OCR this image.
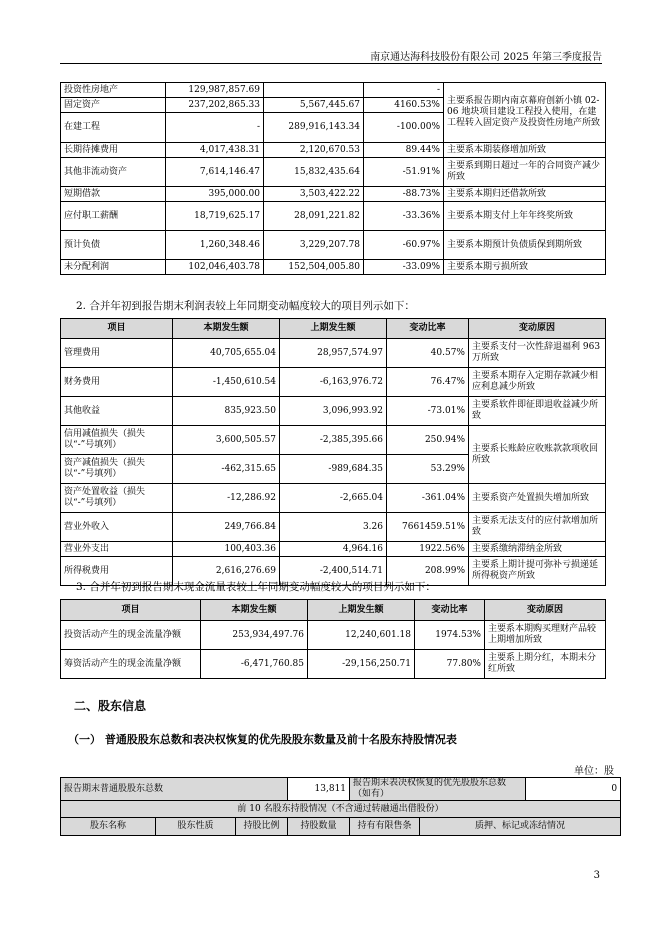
南京通达海科技股份有限公司 2025 年第三季度报告
投资性房地产	129,987,857.69		-	主要系报告期内南京幕府创新小镇 02-06 地块项目建设工程投入使用，在建工程转入固定资产及投资性房地产所致
固定资产	237,202,865.33	5,567,445.67	4160.53%	
在建工程	-	289,916,143.34	-100.00%	
长期待摊费用	4,017,438.31	2,120,670.53	89.44%	主要系本期装修增加所致
其他非流动资产	7,614,146.47	15,832,435.64	-51.91%	主要系到期日超过一年的合同资产减少所致
短期借款	395,000.00	3,503,422.22	-88.73%	主要系本期归还借款所致
应付职工薪酬	18,719,625.17	28,091,221.82	-33.36%	主要系本期支付上年年终奖所致
预计负债	1,260,348.46	3,229,207.78	-60.97%	主要系本期预计负债质保到期所致
未分配利润	102,046,403.78	152,504,005.80	-33.09%	主要系本期亏损所致
2. 合并年初到报告期末利润表较上年同期变动幅度较大的项目列示如下：
项目	本期发生额	上期发生额	变动比率	变动原因
管理费用	40,705,655.04	28,957,574.97	40.57%	主要系支付一次性辞退福利 963 万所致
财务费用	-1,450,610.54	-6,163,976.72	76.47%	主要系本期存入定期存款减少相应利息减少所致
其他收益	835,923.50	3,096,993.92	-73.01%	主要系软件即征即退收益减少所致
信用减值损失（损失以“-”号填列）	3,600,505.57	-2,385,395.66	250.94%	主要系长账龄应收账款款项收回所致
资产减值损失（损失以“-”号填列）	-462,315.65	-989,684.35	53.29%	
资产处置收益（损失以“-”号填列）	-12,286.92	-2,665.04	-361.04%	主要系资产处置损失增加所致
营业外收入	249,766.84	3.26	7661459.51%	主要系无法支付的应付款增加所致
营业外支出	100,403.36	4,964.16	1922.56%	主要系缴纳滞纳金所致
所得税费用	2,616,276.69	-2,400,514.71	208.99%	主要系上期计提可弥补亏损递延所得税资产所致
3. 合并年初到报告期末现金流量表较上年同期变动幅度较大的项目列示如下：
项目	本期发生额	上期发生额	变动比率	变动原因
投资活动产生的现金流量净额	253,934,497.76	12,240,601.18	1974.53%	主要系本期购买理财产品较上期增加所致
筹资活动产生的现金流量净额	-6,471,760.85	-29,156,250.71	77.80%	主要系上期分红，本期未分红所致
二、股东信息
（一） 普通股股东总数和表决权恢复的优先股股东数量及前十名股东持股情况表
单位：股
报告期末普通股股东总数			13,811	报告期末表决权恢复的优先股股东总数（如有）		0
前 10 名股东持股情况（不含通过转融通出借股份）						
股东名称	股东性质	持股比例	持股数量	持有有限售条	质押、标记或冻结情况	
3
